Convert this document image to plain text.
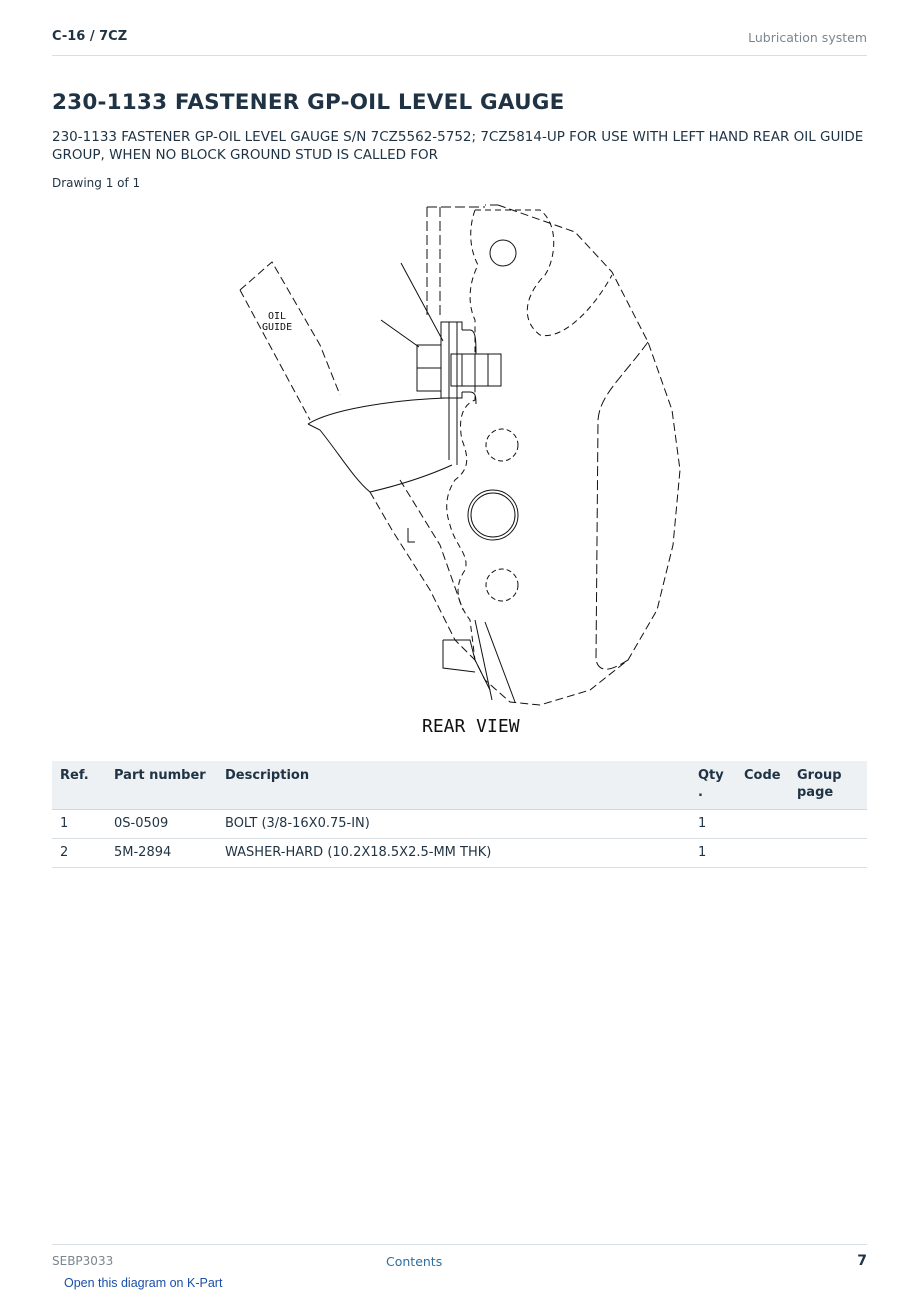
C-16 / 7CZ	Lubrication system
230-1133 FASTENER GP-OIL LEVEL GAUGE
230-1133 FASTENER GP-OIL LEVEL GAUGE S/N 7CZ5562-5752; 7CZ5814-UP FOR USE WITH LEFT HAND REAR OIL GUIDE GROUP, WHEN NO BLOCK GROUND STUD IS CALLED FOR
Drawing 1 of 1
OIL
GUIDE
REAR VIEW
Ref.	Part number	Description	Qty .	Code	Group page
1	0S-0509	BOLT (3/8-16X0.75-IN)	1		
2	5M-2894	WASHER-HARD (10.2X18.5X2.5-MM THK)	1		
SEBP3033	Contents	7
Open this diagram on K-Part
